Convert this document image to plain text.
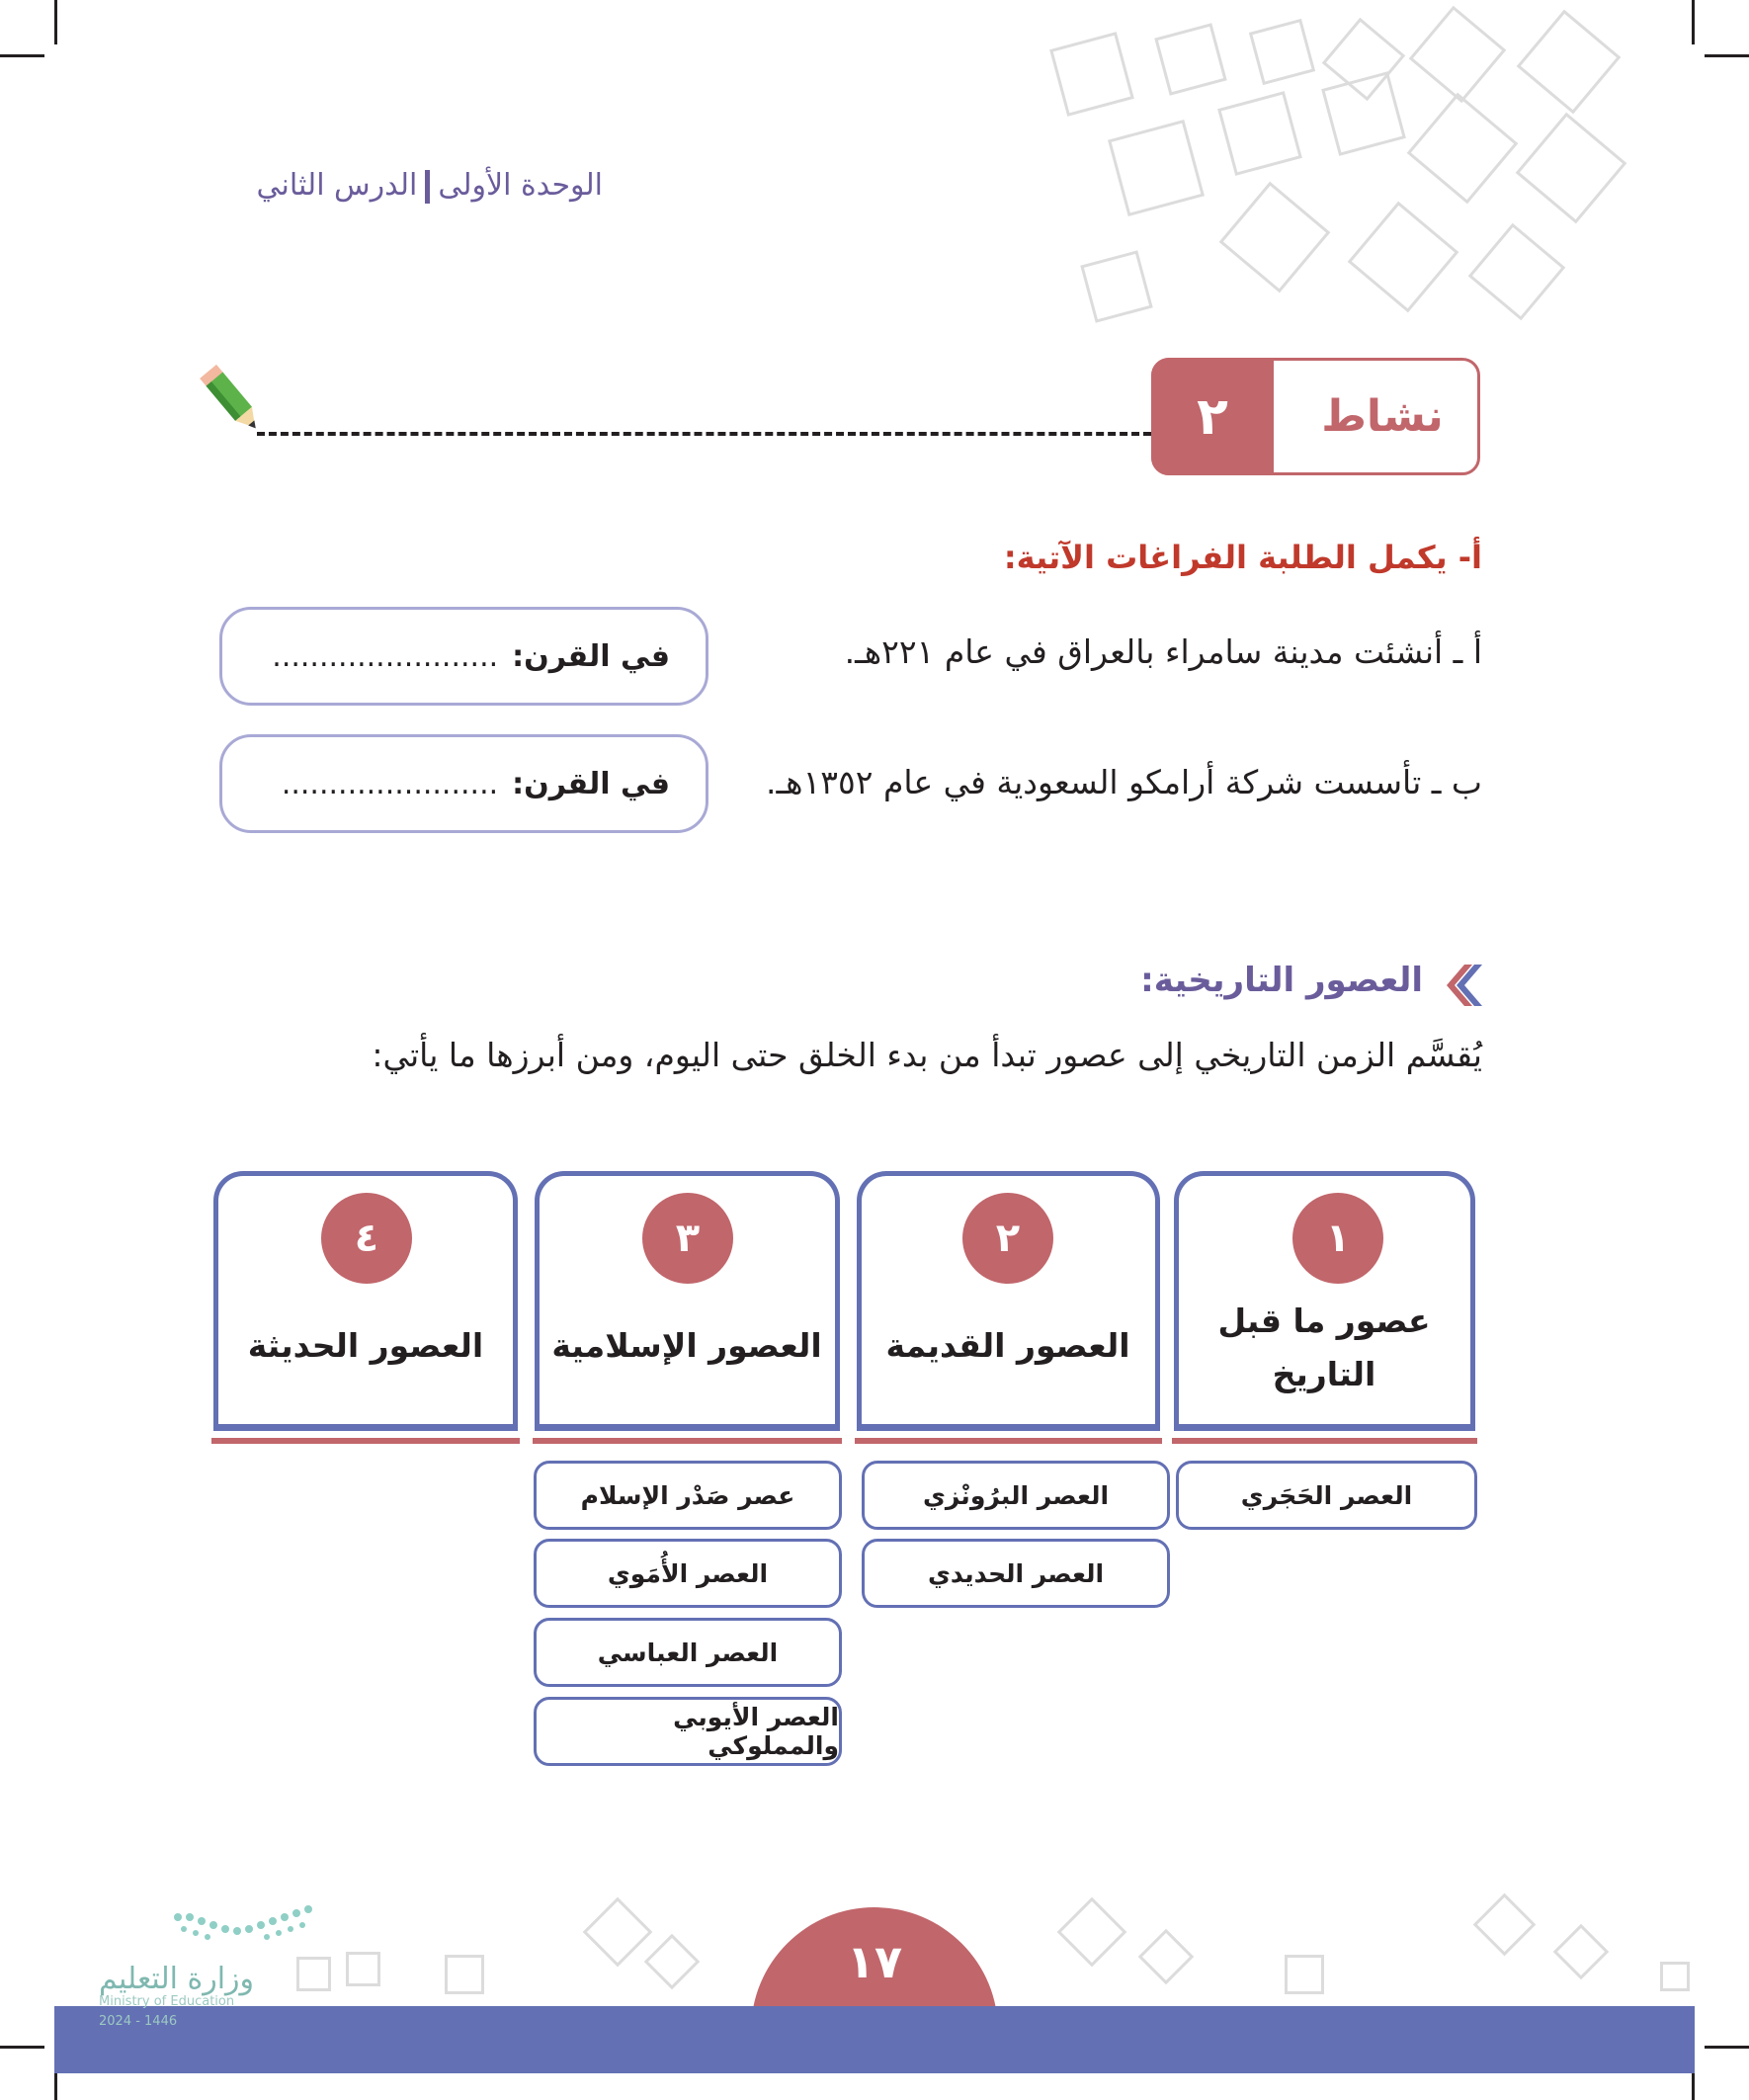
الوحدة الأولىالدرس الثاني
٢	نشاط
أ- يكمل الطلبة الفراغات الآتية:
أ ـ أنشئت مدينة سامراء بالعراق في عام ٢٢١هـ.
في القرن:
........................
ب ـ تأسست شركة أرامكو السعودية في عام ١٣٥٢هـ.
في القرن:
.......................
العصور التاريخية:
يُقسَّم الزمن التاريخي إلى عصور تبدأ من بدء الخلق حتى اليوم، ومن أبرزها ما يأتي:
١
عصور ما قبل
التاريخ
العصر الحَجَري
٢
العصور القديمة
العصر البرُونْزي
العصر الحديدي
٣
العصور الإسلامية
عصر صَدْر الإسلام
العصر الأُمَوي
العصر العباسي
العصر الأيوبي والمملوكي
٤
العصور الحديثة
١٧
وزارة التعليم
Ministry of Education
2024 - 1446
